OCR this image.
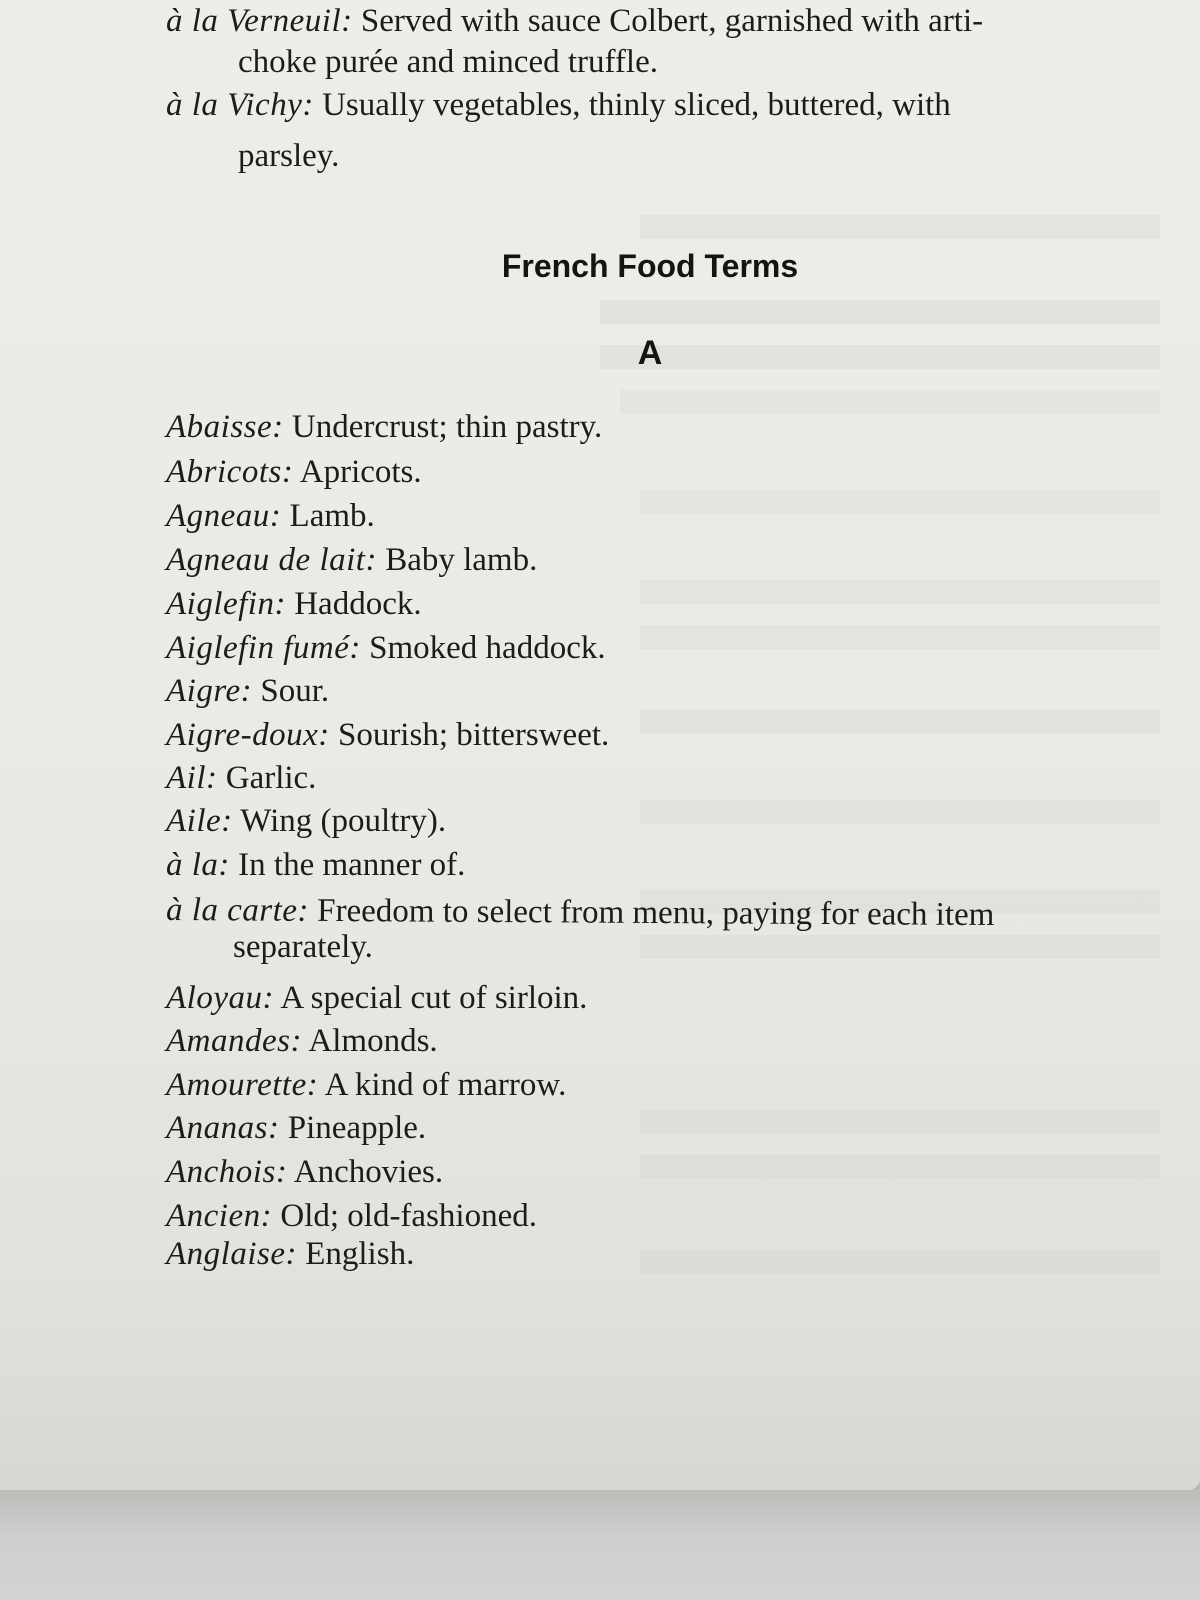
à la Verneuil: Served with sauce Colbert, garnished with arti-
choke purée and minced truffle.
à la Vichy: Usually vegetables, thinly sliced, buttered, with
parsley.
French Food Terms
A
Abaisse: Undercrust; thin pastry.
Abricots: Apricots.
Agneau: Lamb.
Agneau de lait: Baby lamb.
Aiglefin: Haddock.
Aiglefin fumé: Smoked haddock.
Aigre: Sour.
Aigre-doux: Sourish; bittersweet.
Ail: Garlic.
Aile: Wing (poultry).
à la: In the manner of.
à la carte: Freedom to select from menu, paying for each item
separately.
Aloyau: A special cut of sirloin.
Amandes: Almonds.
Amourette: A kind of marrow.
Ananas: Pineapple.
Anchois: Anchovies.
Ancien: Old; old-fashioned.
Anglaise: English.
